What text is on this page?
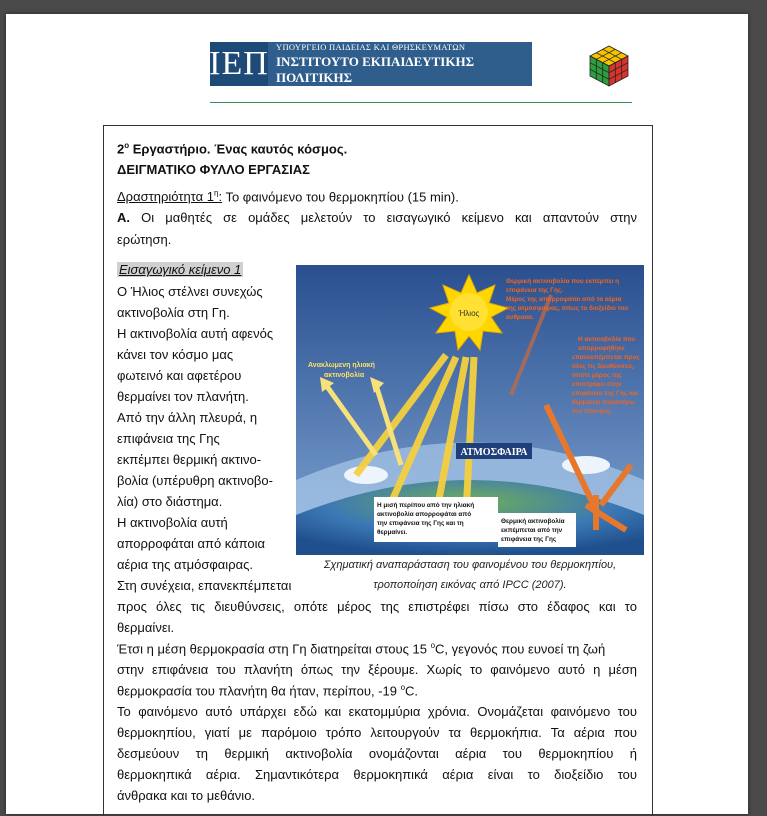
ΙΕΠ ΥΠΟΥΡΓΕΙΟ ΠΑΙΔΕΙΑΣ ΚΑΙ ΘΡΗΣΚΕΥΜΑΤΩΝ
ΙΝΣΤΙΤΟΥΤΟ ΕΚΠΑΙΔΕΥΤΙΚΗΣ ΠΟΛΙΤΙΚΗΣ
$2^o$ Εργαστήριο. Ένας καυτός κόσμος.
ΔΕΙΓΜΑΤΙΚΟ ΦΥΛΛΟ ΕΡΓΑΣΙΑΣ
Δραστηριότητα $1^\eta$: Το φαινόμενο του θερμοκηπίου (15 min).
Α. Οι μαθητές σε ομάδες μελετούν το εισαγωγικό κείμενο και απαντούν στην
ερώτηση.
Εισαγωγικό κείμενο 1
Ο Ήλιος στέλνει συνεχώς
ακτινοβολία στη Γη.
Η ακτινοβολία αυτή αφενός
κάνει τον κόσμο μας
φωτεινό και αφετέρου
θερμαίνει τον πλανήτη.
Από την άλλη πλευρά, η
επιφάνεια της Γης
εκπέμπει θερμική ακτινο-
βολία (υπέρυθρη ακτινοβο-
λία) στο διάστημα.
Η ακτινοβολία αυτή
απορροφάται από κάποια
αέρια της ατμόσφαιρας.
Στη συνέχεια, επανεκπέμπεται
Ήλιος
Ανακλωμενη ηλιακή ακτινοβολία
ΑΤΜΟΣΦΑΙΡΑ
Η μισή περίπου από την ηλιακή ακτινοβολία απορροφάται από την επιφάνεια της Γης και τη θερμαίνει.
Θερμική ακτινοβολία εκπέμπεται από την επιφάνεια της Γης
Θερμική ακτινοβολία που εκπέμπει η επιφάνεια της Γης. Μέρος της απορροφάται από τα αέρια της ατμόσφαιρας, όπως το διοξείδιο του άνθρακα.
Η ακτινοβολία που απορροφήθηκε επανεκπέμπεται προς όλες τις διευθύνσεις, οπότε μέρος της επιστρέφει στην επιφάνεια της Γης και θερμαίνει περαιτέρω τον πλανήτη.
Σχηματική αναπαράσταση του φαινομένου του θερμοκηπίου,
τροποποίηση εικόνας από IPCC (2007).
προς όλες τις διευθύνσεις, οπότε μέρος της επιστρέφει πίσω στο έδαφος και το
θερμαίνει.
Έτσι η μέση θερμοκρασία στη Γη διατηρείται στους 15 $^o$C, γεγονός που ευνοεί τη ζωή
στην επιφάνεια του πλανήτη όπως την ξέρουμε. Χωρίς το φαινόμενο αυτό η μέση
θερμοκρασία του πλανήτη θα ήταν, περίπου, -19 $^o$C.
Το φαινόμενο αυτό υπάρχει εδώ και εκατομμύρια χρόνια. Ονομάζεται φαινόμενο του
θερμοκηπίου, γιατί με παρόμοιο τρόπο λειτουργούν τα θερμοκήπια. Τα αέρια που
δεσμεύουν τη θερμική ακτινοβολία ονομάζονται αέρια του θερμοκηπίου ή
θερμοκηπικά αέρια. Σημαντικότερα θερμοκηπικά αέρια είναι το διοξείδιο του
άνθρακα και το μεθάνιο.
